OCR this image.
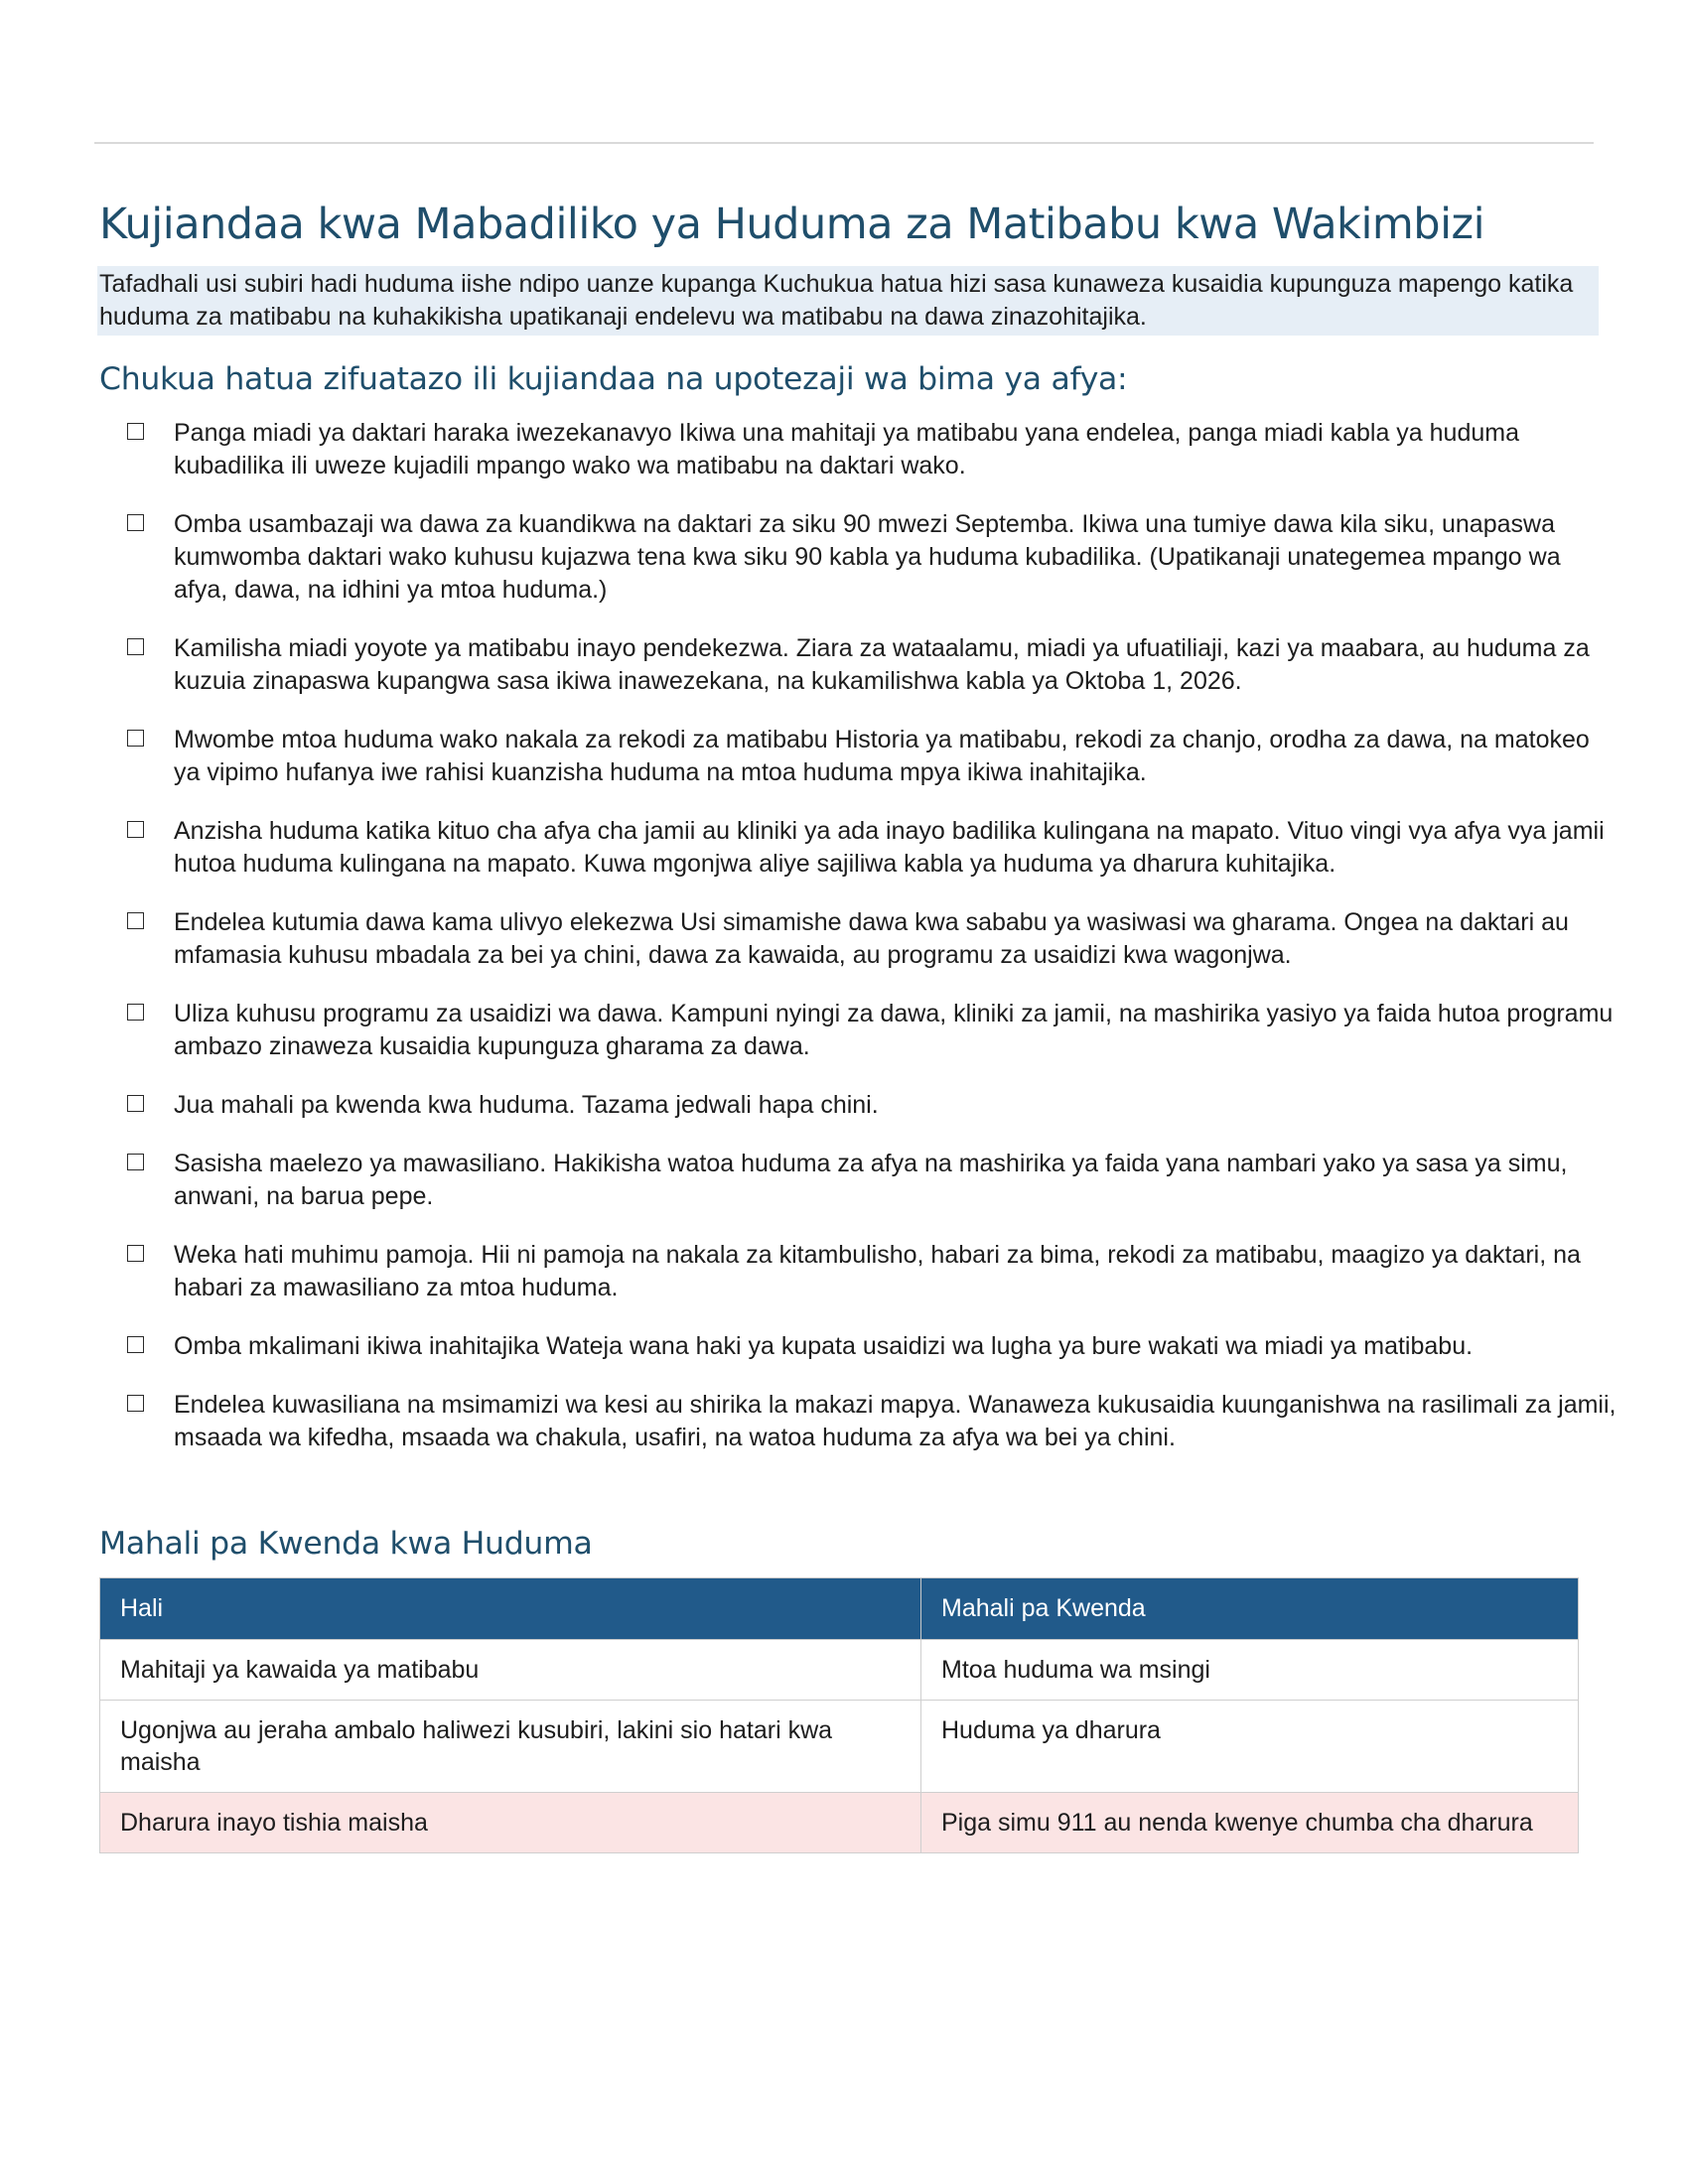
Kujiandaa kwa Mabadiliko ya Huduma za Matibabu kwa Wakimbizi
Tafadhali usi subiri hadi huduma iishe ndipo uanze kupanga Kuchukua hatua hizi sasa kunaweza kusaidia kupunguza mapengo katika huduma za matibabu na kuhakikisha upatikanaji endelevu wa matibabu na dawa zinazohitajika.
Chukua hatua zifuatazo ili kujiandaa na upotezaji wa bima ya afya:
Panga miadi ya daktari haraka iwezekanavyo Ikiwa una mahitaji ya matibabu yana endelea, panga miadi kabla ya huduma kubadilika ili uweze kujadili mpango wako wa matibabu na daktari wako.
Omba usambazaji wa dawa za kuandikwa na daktari za siku 90 mwezi Septemba. Ikiwa una tumiye dawa kila siku, unapaswa kumwomba daktari wako kuhusu kujazwa tena kwa siku 90 kabla ya huduma kubadilika. (Upatikanaji unategemea mpango wa afya, dawa, na idhini ya mtoa huduma.)
Kamilisha miadi yoyote ya matibabu inayo pendekezwa. Ziara za wataalamu, miadi ya ufuatiliaji, kazi ya maabara, au huduma za kuzuia zinapaswa kupangwa sasa ikiwa inawezekana, na kukamilishwa kabla ya Oktoba 1, 2026.
Mwombe mtoa huduma wako nakala za rekodi za matibabu Historia ya matibabu, rekodi za chanjo, orodha za dawa, na matokeo ya vipimo hufanya iwe rahisi kuanzisha huduma na mtoa huduma mpya ikiwa inahitajika.
Anzisha huduma katika kituo cha afya cha jamii au kliniki ya ada inayo badilika kulingana na mapato. Vituo vingi vya afya vya jamii hutoa huduma kulingana na mapato. Kuwa mgonjwa aliye sajiliwa kabla ya huduma ya dharura kuhitajika.
Endelea kutumia dawa kama ulivyo elekezwa Usi simamishe dawa kwa sababu ya wasiwasi wa gharama. Ongea na daktari au mfamasia kuhusu mbadala za bei ya chini, dawa za kawaida, au programu za usaidizi kwa wagonjwa.
Uliza kuhusu programu za usaidizi wa dawa. Kampuni nyingi za dawa, kliniki za jamii, na mashirika yasiyo ya faida hutoa programu ambazo zinaweza kusaidia kupunguza gharama za dawa.
Jua mahali pa kwenda kwa huduma. Tazama jedwali hapa chini.
Sasisha maelezo ya mawasiliano. Hakikisha watoa huduma za afya na mashirika ya faida yana nambari yako ya sasa ya simu, anwani, na barua pepe.
Weka hati muhimu pamoja. Hii ni pamoja na nakala za kitambulisho, habari za bima, rekodi za matibabu, maagizo ya daktari, na habari za mawasiliano za mtoa huduma.
Omba mkalimani ikiwa inahitajika Wateja wana haki ya kupata usaidizi wa lugha ya bure wakati wa miadi ya matibabu.
Endelea kuwasiliana na msimamizi wa kesi au shirika la makazi mapya. Wanaweza kukusaidia kuunganishwa na rasilimali za jamii, msaada wa kifedha, msaada wa chakula, usafiri, na watoa huduma za afya wa bei ya chini.
Mahali pa Kwenda kwa Huduma
Hali	Mahali pa Kwenda
Mahitaji ya kawaida ya matibabu	Mtoa huduma wa msingi
Ugonjwa au jeraha ambalo haliwezi kusubiri, lakini sio hatari kwa maisha	Huduma ya dharura
Dharura inayo tishia maisha	Piga simu 911 au nenda kwenye chumba cha dharura
